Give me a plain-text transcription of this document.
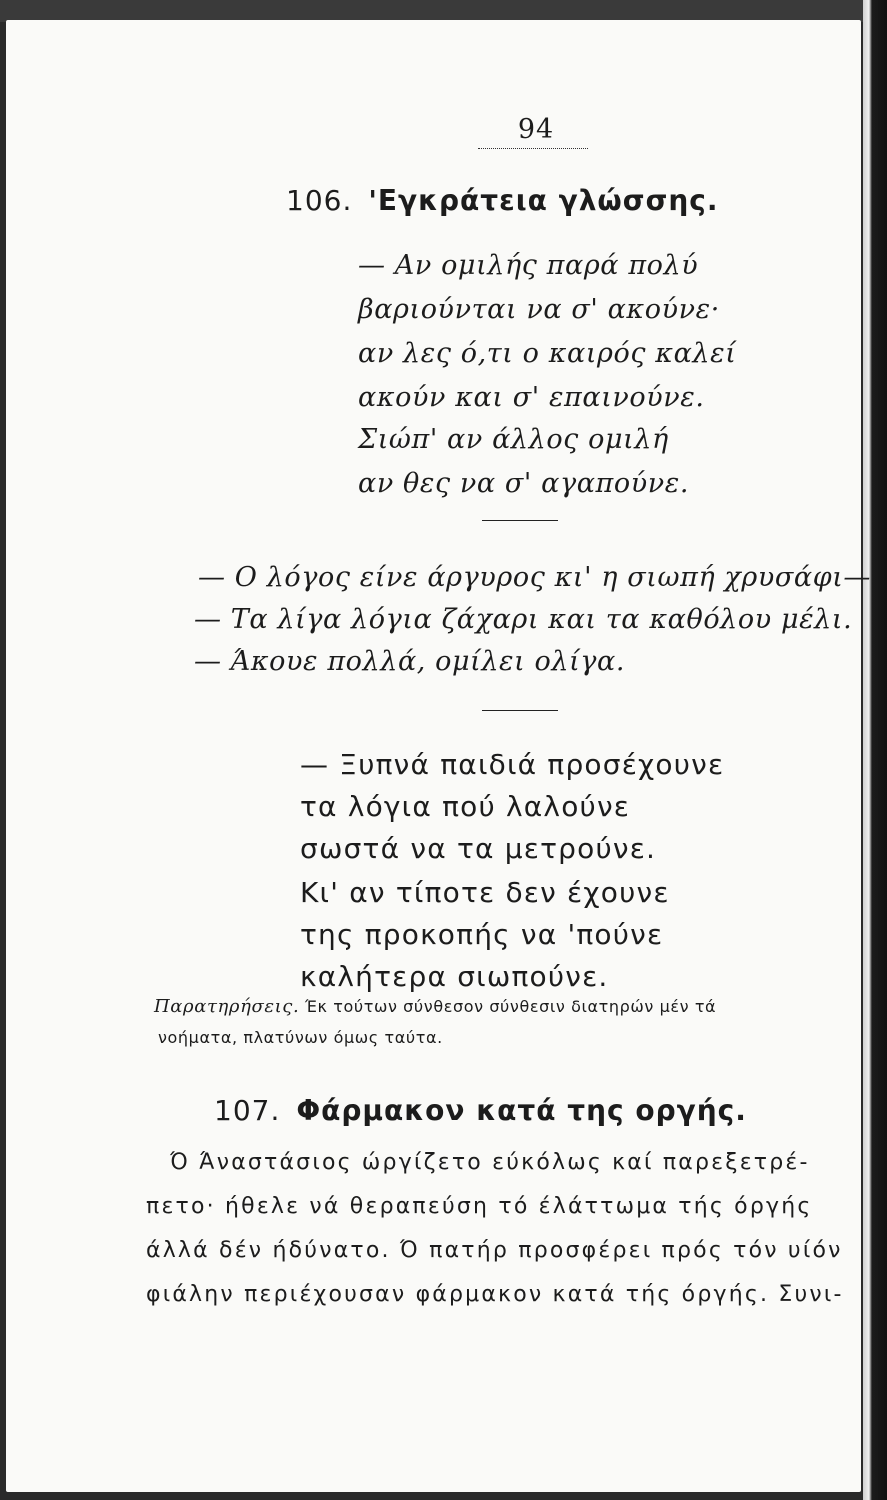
94
106. 'Εγκράτεια γλώσσης.
— Αν ομιλής παρά πολύ
βαριούνται να σ' ακούνε·
αν λες ό,τι ο καιρός καλεί
ακούν και σ' επαινούνε.
Σιώπ' αν άλλος ομιλή
αν θες να σ' αγαπούνε.
— Ο λόγος είνε άργυρος κι' η σιωπή χρυσάφι—
— Τα λίγα λόγια ζάχαρι και τα καθόλου μέλι.
— Άκουε πολλά, ομίλει ολίγα.
— Ξυπνά παιδιά προσέχουνε
τα λόγια πού λαλούνε
σωστά να τα μετρούνε.
Κι' αν τίποτε δεν έχουνε
της προκοπής να 'πούνε
καλήτερα σιωπούνε.
Παρατηρήσεις. Έκ τούτων σύνθεσον σύνθεσιν διατηρών μέν τά
νοήματα, πλατύνων όμως ταύτα.
107. Φάρμακον κατά της οργής.
Ό Άναστάσιος ώργίζετο εύκόλως καί παρεξετρέ-
πετο· ήθελε νά θεραπεύση τό έλάττωμα τής όργής
άλλά δέν ήδύνατο. Ό πατήρ προσφέρει πρός τόν υίόν
φιάλην περιέχουσαν φάρμακον κατά τής όργής. Συνι-
